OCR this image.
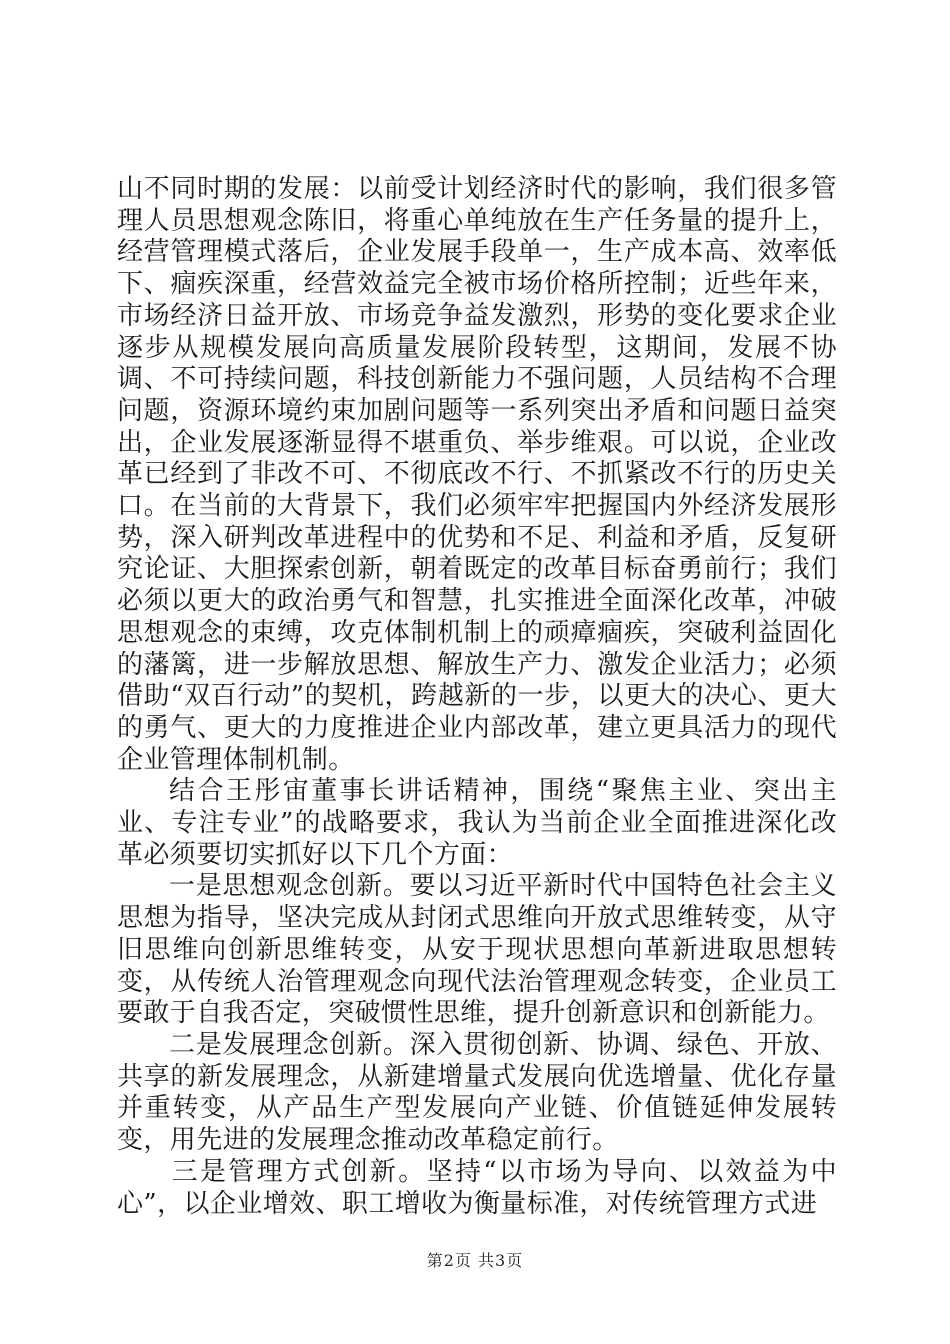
山不同时期的发展：以前受计划经济时代的影响，我们很多管理人员思想观念陈旧，将重心单纯放在生产任务量的提升上，经营管理模式落后，企业发展手段单一，生产成本高、效率低下、痼疾深重，经营效益完全被市场价格所控制；近些年来，市场经济日益开放、市场竞争益发激烈，形势的变化要求企业逐步从规模发展向高质量发展阶段转型，这期间，发展不协调、不可持续问题，科技创新能力不强问题，人员结构不合理问题，资源环境约束加剧问题等一系列突出矛盾和问题日益突出，企业发展逐渐显得不堪重负、举步维艰。可以说，企业改革已经到了非改不可、不彻底改不行、不抓紧改不行的历史关口。在当前的大背景下，我们必须牢牢把握国内外经济发展形势，深入研判改革进程中的优势和不足、利益和矛盾，反复研究论证、大胆探索创新，朝着既定的改革目标奋勇前行；我们必须以更大的政治勇气和智慧，扎实推进全面深化改革，冲破思想观念的束缚，攻克体制机制上的顽瘴痼疾，突破利益固化的藩篱，进一步解放思想、解放生产力、激发企业活力；必须借助“双百行动”的契机，跨越新的一步，以更大的决心、更大的勇气、更大的力度推进企业内部改革，建立更具活力的现代企业管理体制机制。

结合王彤宙董事长讲话精神，围绕“聚焦主业、突出主业、专注专业”的战略要求，我认为当前企业全面推进深化改革必须要切实抓好以下几个方面：

一是思想观念创新。要以习近平新时代中国特色社会主义思想为指导，坚决完成从封闭式思维向开放式思维转变，从守旧思维向创新思维转变，从安于现状思想向革新进取思想转变，从传统人治管理观念向现代法治管理观念转变，企业员工要敢于自我否定，突破惯性思维，提升创新意识和创新能力。

二是发展理念创新。深入贯彻创新、协调、绿色、开放、共享的新发展理念，从新建增量式发展向优选增量、优化存量并重转变，从产品生产型发展向产业链、价值链延伸发展转变，用先进的发展理念推动改革稳定前行。

三是管理方式创新。坚持“以市场为导向、以效益为中心”，以企业增效、职工增收为衡量标准，对传统管理方式进

第2页 共3页
